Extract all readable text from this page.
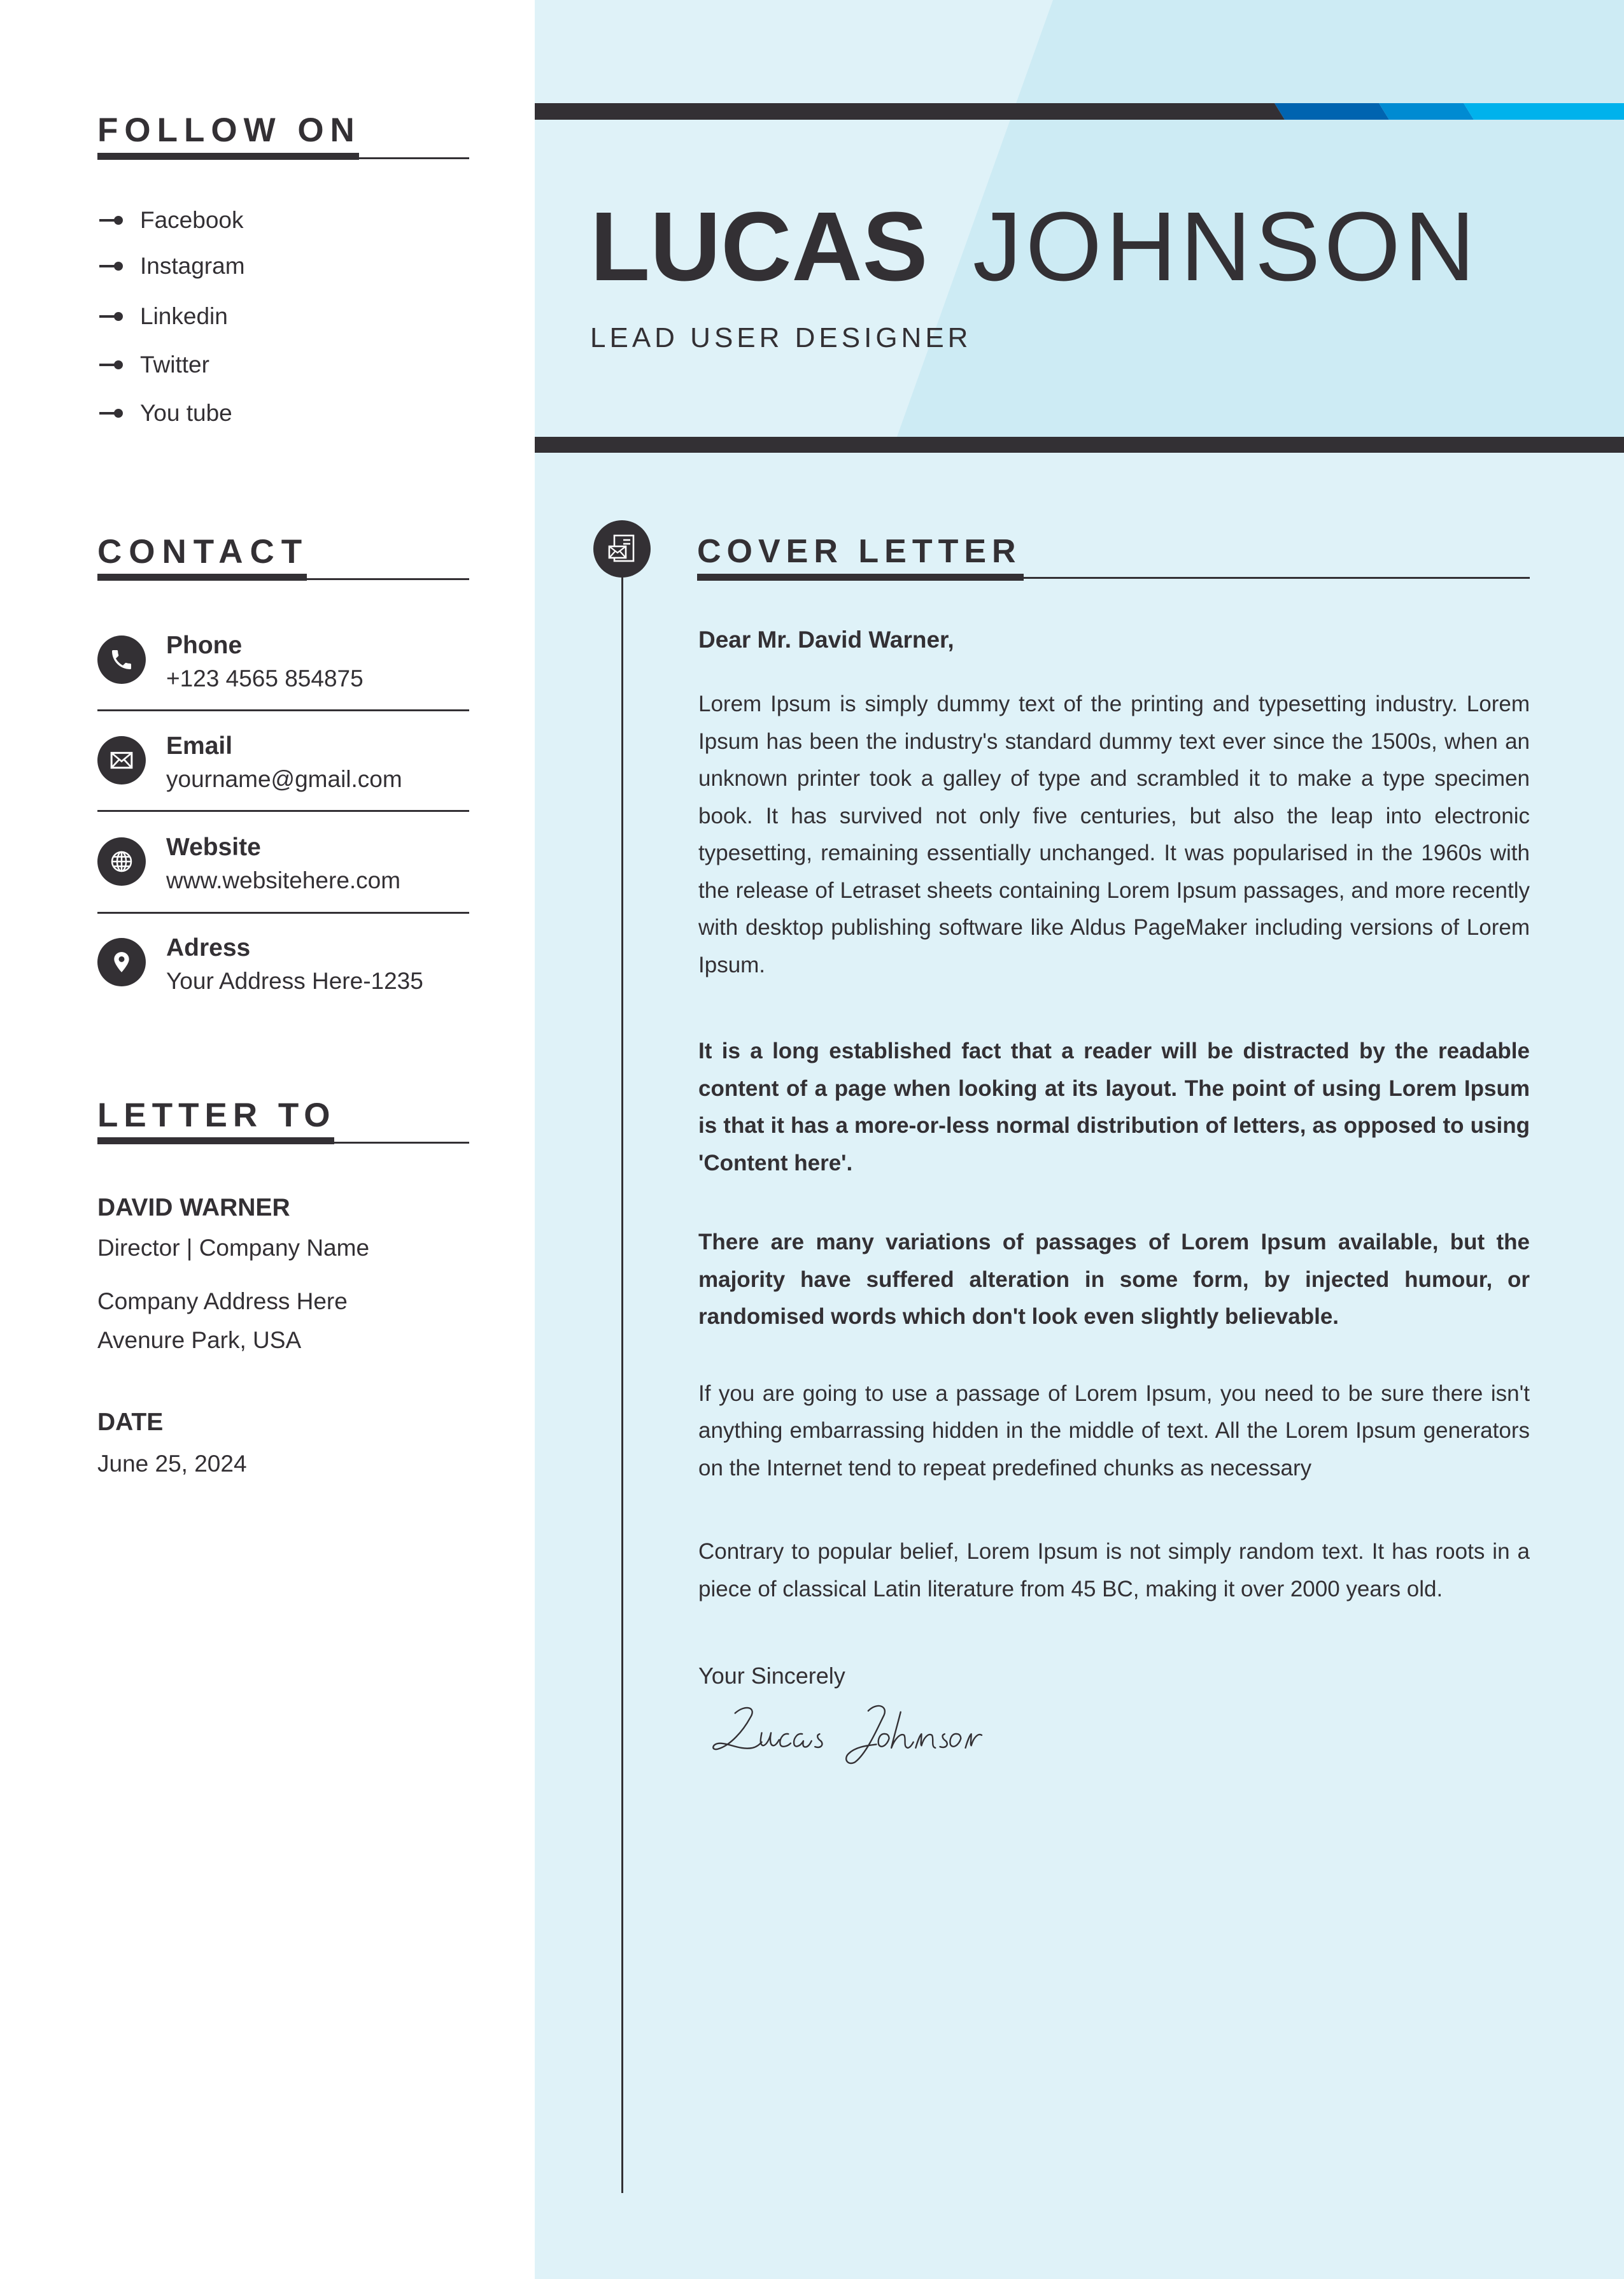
FOLLOW ON
Facebook
Instagram
Linkedin
Twitter
You tube
CONTACT
Phone
+123 4565 854875
Email
yourname@gmail.com
Website
www.websitehere.com
Adress
Your Address Here-1235
LETTER TO
DAVID WARNER
Director | Company Name
Company Address Here
Avenure Park, USA
DATE
June 25, 2024
LUCAS JOHNSON
LEAD USER DESIGNER
COVER LETTER

Dear Mr. David Warner,

Lorem Ipsum is simply dummy text of the printing and typesetting industry. Lorem Ipsum has been the industry's standard dummy text ever since the 1500s, when an unknown printer took a galley of type and scrambled it to make a type specimen book. It has survived not only five centuries, but also the leap into electronic typesetting, remaining essentially unchanged. It was popularised in the 1960s with the release of Letraset sheets containing Lorem Ipsum passages, and more recently with desktop publishing software like Aldus PageMaker including versions of Lorem Ipsum.

It is a long established fact that a reader will be distracted by the readable content of a page when looking at its layout. The point of using Lorem Ipsum is that it has a more-or-less normal distribution of letters, as opposed to using 'Content here'.

There are many variations of passages of Lorem Ipsum available, but the majority have suffered alteration in some form, by injected humour, or randomised words which don't look even slightly believable.

If you are going to use a passage of Lorem Ipsum, you need to be sure there isn't anything embarrassing hidden in the middle of text. All the Lorem Ipsum generators on the Internet tend to repeat predefined chunks as necessary

Contrary to popular belief, Lorem Ipsum is not simply random text. It has roots in a piece of classical Latin literature from 45 BC, making it over 2000 years old.

Your Sincerely
